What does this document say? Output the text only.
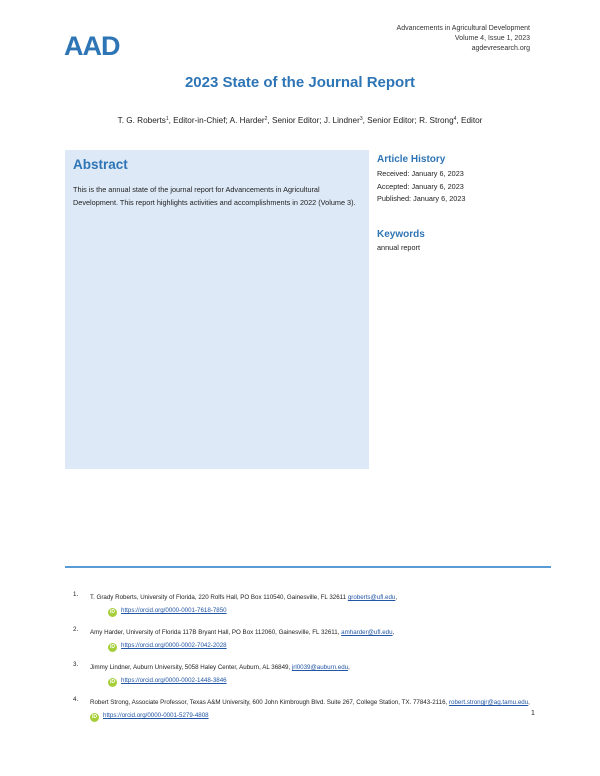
AAD
Advancements in Agricultural Development
Volume 4, Issue 1, 2023
agdevresearch.org
2023 State of the Journal Report
T. G. Roberts$^1$, Editor-in-Chief; A. Harder$^2$, Senior Editor; J. Lindner$^3$, Senior Editor; R. Strong$^4$, Editor
Abstract
This is the annual state of the journal report for Advancements in Agricultural Development. This report highlights activities and accomplishments in 2022 (Volume 3).
Article History
Received: January 6, 2023
Accepted: January 6, 2023
Published: January 6, 2023
Keywords
annual report
1.	T. Grady Roberts, University of Florida, 220 Rolfs Hall, PO Box 110540, Gainesville, FL 32611 groberts@ufl.edu,
iD https://orcid.org/0000-0001-7618-7850
2.	Amy Harder, University of Florida 117B Bryant Hall, PO Box 112060, Gainesville, FL 32611, amharder@ufl.edu,
iD https://orcid.org/0000-0002-7042-2028
3.	Jimmy Lindner, Auburn University, 5058 Haley Center, Auburn, AL 36849, jrl0039@auburn.edu,
iD https://orcid.org/0000-0002-1448-3846
4.	Robert Strong, Associate Professor, Texas A&M University, 600 John Kimbrough Blvd. Suite 267, College Station, TX. 77843-2116, robert.strongjr@ag.tamu.edu, iD https://orcid.org/0000-0001-5279-4808	1
